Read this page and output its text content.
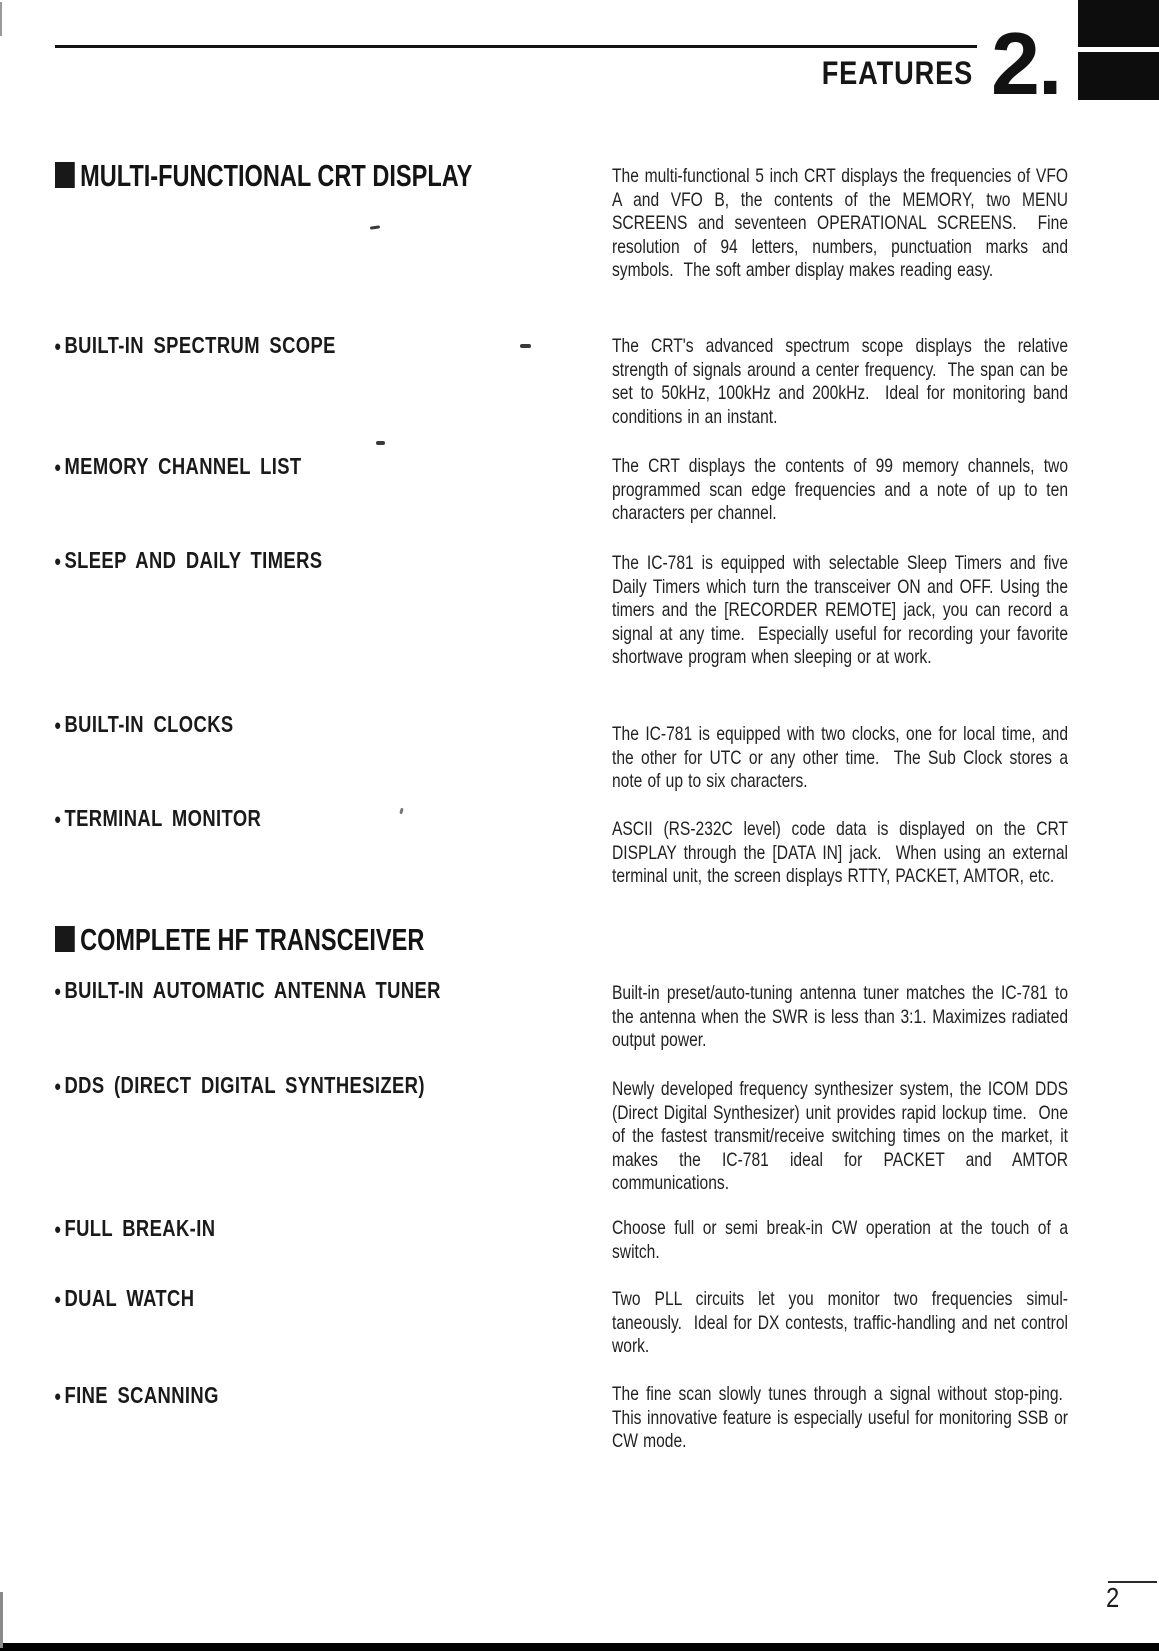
FEATURES 2.
MULTI-FUNCTIONAL CRT DISPLAY	The multi-functional 5 inch CRT displays the frequencies of VFO A and VFO B, the contents of the MEMORY, two MENU SCREENS and seventeen OPERATIONAL SCREENS.  Fine resolution of 94 letters, numbers, punctuation marks and symbols.  The soft amber display makes reading easy.

● BUILT-IN SPECTRUM SCOPE	The CRT's advanced spectrum scope displays the relative strength of signals around a center frequency.  The span can be set to 50kHz, 100kHz and 200kHz.  Ideal for monitoring band conditions in an instant.

● MEMORY CHANNEL LIST	The CRT displays the contents of 99 memory channels, two programmed scan edge frequencies and a note of up to ten characters per channel.

● SLEEP AND DAILY TIMERS	The IC-781 is equipped with selectable Sleep Timers and five Daily Timers which turn the transceiver ON and OFF. Using the timers and the [RECORDER REMOTE] jack, you can record a signal at any time.  Especially useful for recording your favorite shortwave program when sleeping or at work.

● BUILT-IN CLOCKS	The IC-781 is equipped with two clocks, one for local time, and the other for UTC or any other time.  The Sub Clock stores a note of up to six characters.

● TERMINAL MONITOR	ASCII (RS-232C level) code data is displayed on the CRT DISPLAY through the [DATA IN] jack.  When using an external terminal unit, the screen displays RTTY, PACKET, AMTOR, etc.

COMPLETE HF TRANSCEIVER
● BUILT-IN AUTOMATIC ANTENNA TUNER	Built-in preset/auto-tuning antenna tuner matches the IC-781 to the antenna when the SWR is less than 3:1. Maximizes radiated output power.

● DDS (DIRECT DIGITAL SYNTHESIZER)	Newly developed frequency synthesizer system, the ICOM DDS (Direct Digital Synthesizer) unit provides rapid lockup time.  One of the fastest transmit/receive switching times on the market, it makes the IC-781 ideal for PACKET and AMTOR communications.

● FULL BREAK-IN	Choose full or semi break-in CW operation at the touch of a switch.

● DUAL WATCH	Two PLL circuits let you monitor two frequencies simul-taneously.  Ideal for DX contests, traffic-handling and net control work.

● FINE SCANNING	The fine scan slowly tunes through a signal without stop-ping.  This innovative feature is especially useful for monitoring SSB or CW mode.

2
